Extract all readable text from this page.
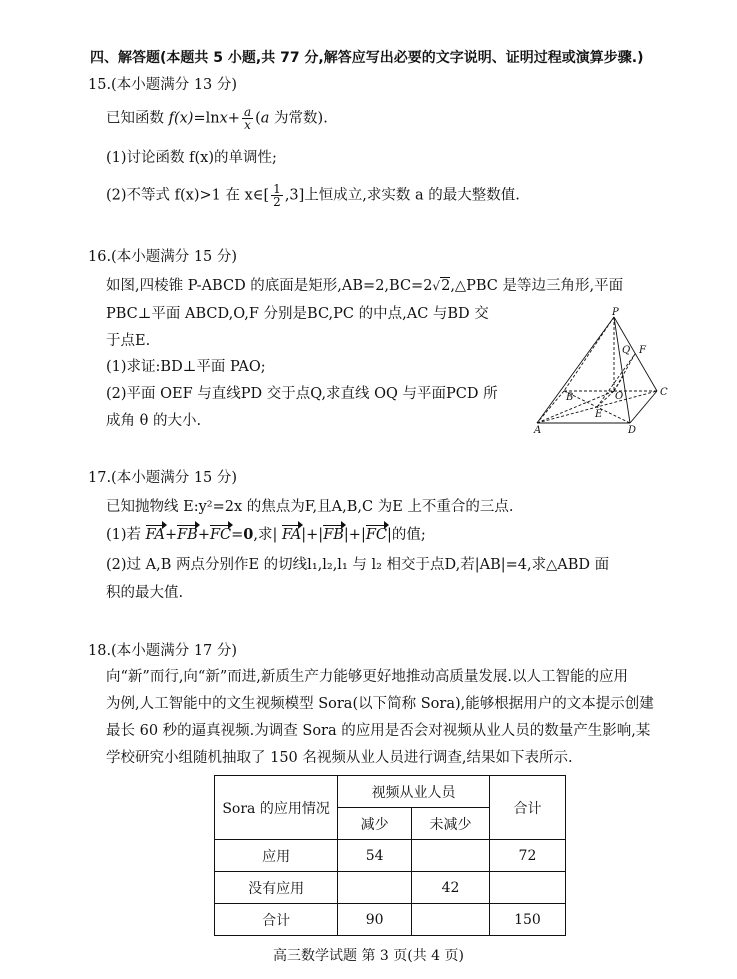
四、解答题(本题共 5 小题,共 77 分,解答应写出必要的文字说明、证明过程或演算步骤.)
15.(本小题满分 13 分)
已知函数 $f(x)=\ln x+ \frac{a}{x} (a$ 为常数).
(1)讨论函数 f(x)的单调性;
(2)不等式 f(x)>1 在 x∈[ $\frac{1}{2} ,3$]上恒成立,求实数 a 的最大整数值.
16.(本小题满分 15 分)
如图,四棱锥 P-ABCD 的底面是矩形,AB=2,BC=2√2,△PBC 是等边三角形,平面
PBC⊥平面 ABCD,O,F 分别是BC,PC 的中点,AC 与BD 交
于点E.
(1)求证:BD⊥平面 PAO;
(2)平面 OEF 与直线PD 交于点Q,求直线 OQ 与平面PCD 所
成角 θ 的大小.
P
Q F
B	O	C
E
A	D
17.(本小题满分 15 分)
已知抛物线 E:y²=2x 的焦点为F,且A,B,C 为E 上不重合的三点.
(1)若 FA+FB+FC=0,求| FA|+|FB|+|FC|的值;
(2)过 A,B 两点分别作E 的切线l₁,l₂,l₁ 与 l₂ 相交于点D,若|AB|=4,求△ABD 面
积的最大值.
18.(本小题满分 17 分)
向“新”而行,向“新”而进,新质生产力能够更好地推动高质量发展.以人工智能的应用
为例,人工智能中的文生视频模型 Sora(以下简称 Sora),能够根据用户的文本提示创建
最长 60 秒的逼真视频.为调查 Sora 的应用是否会对视频从业人员的数量产生影响,某
学校研究小组随机抽取了 150 名视频从业人员进行调查,结果如下表所示.
Sora 的应用情况	视频从业人员		合计
	减少	未减少	
应用	54		72
没有应用		42	
合计	90		150
高三数学试题 第 3 页(共 4 页)
